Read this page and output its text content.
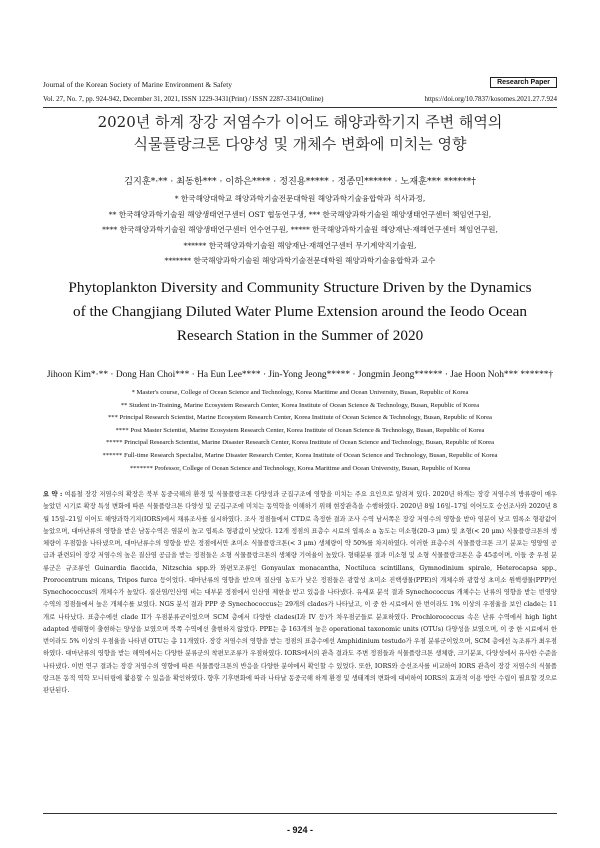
Journal of the Korean Society of Marine Environment & Safety	Research Paper
Vol. 27, No. 7, pp. 924-942, December 31, 2021, ISSN 1229-3431(Print) / ISSN 2287-3341(Online)	https://doi.org/10.7837/kosomes.2021.27.7.924
2020년 하계 장강 저염수가 이어도 해양과학기지 주변 해역의
식물플랑크톤 다양성 및 개체수 변화에 미치는 영향
김지훈*·** · 최동한*** · 이하은**** · 정진용***** · 정종민****** · 노재훈*** ******†
* 한국해양대학교 해양과학기술전문대학원 해양과학기술융합학과 석사과정,
** 한국해양과학기술원 해양생태연구센터 OST 협동연구생, *** 한국해양과학기술원 해양생태연구센터 책임연구원,
**** 한국해양과학기술원 해양생태연구센터 연수연구원, ***** 한국해양과학기술원 해양재난·재해연구센터 책임연구원,
****** 한국해양과학기술원 해양재난·재해연구센터 무기계약직기술원,
******* 한국해양과학기술원 해양과학기술전문대학원 해양과학기술융합학과 교수
Phytoplankton Diversity and Community Structure Driven by the Dynamics
of the Changjiang Diluted Water Plume Extension around the Ieodo Ocean
Research Station in the Summer of 2020
Jihoon Kim*·** · Dong Han Choi*** · Ha Eun Lee**** · Jin-Yong Jeong***** · Jongmin Jeong****** · Jae Hoon Noh*** ******†
* Master's course, College of Ocean Science and Technology, Korea Maritime and Ocean University, Busan, Republic of Korea
** Student in-Training, Marine Ecosystem Research Center, Korea Institute of Ocean Science & Technology, Busan, Republic of Korea
*** Principal Research Scientist, Marine Ecosystem Research Center, Korea Institute of Ocean Science & Technology, Busan, Republic of Korea
**** Post Master Scientist, Marine Ecosystem Research Center, Korea Institute of Ocean Science & Technology, Busan, Republic of Korea
***** Principal Research Scientist, Marine Disaster Research Center, Korea Institute of Ocean Science and Technology, Busan, Republic of Korea
****** Full-time Research Specialist, Marine Disaster Research Center, Korea Institute of Ocean Science and Technology, Busan, Republic of Korea
******* Professor, College of Ocean Science and Technology, Korea Maritime and Ocean University, Busan, Republic of Korea
요 약 : 여름철 장강 저염수의 확장은 북부 동중국해의 환경 및 식물플랑크톤 다양성과 군집구조에 영향을 미치는 주요 요인으로 알려져 있다. 2020년 하계는 장강 저염수의 방류량이 매우 높았던 시기로 확장 특성 변화에 따른 식물플랑크톤 다양성 및 군집구조에 미치는 동역학을 이해하기 위해 현장관측을 수행하였다. 2020년 8월 16일–17일 이어도호 승선조사와 2020년 8월 15일–21일 이어도 해양과학기지(IORS)에서 채류조사를 실시하였다. 조사 정점들에서 CTD로 측정한 결과 조사 수역 남서쪽은 장강 저염수의 영향을 받아 염분이 낮고 엽록소 형광값이 높았으며, 대마난류의 영향을 받은 남동수역은 염분이 높고 엽록소 형광값이 낮았다. 12개 정점의 표층수 시료의 엽록소 a 농도는 미소형(20–3 μm) 및 초형(< 20 μm) 식물플랑크톤의 생체량이 우점함을 나타냈으며, 대마난류수의 영향을 받은 정점에서만 초미소 식물플랑크톤(< 3 μm) 생체량이 약 50%를 차지하였다. 이러한 표층수의 식물플랑크톤 크기 분포는 영양염 공급과 관련되어 장강 저염수의 높은 질산염 공급을 받는 정점들은 소형 식물플랑크톤의 생체량 기여율이 높았다. 형태분류 결과 미소형 및 소형 식물플랑크톤은 총 45종이며, 이들 중 우점 분류군은 규조류인 Guinardia flaccida, Nitzschia spp.와 와편모조류인 Gonyaulax monacantha, Noctiluca scintillans, Gymnodinium spirale, Heterocapsa spp., Prorocentrum micans, Tripos furca 등이었다. 대마난류의 영향을 받으며 질산염 농도가 낮은 정점들은 광합성 초미소 진핵생물(PPE)의 개체수와 광합성 초미소 원핵생물(PPP)인 Synechococcus의 개체수가 높았다. 질산염/인산염 비는 대부분 정점에서 인산염 제한을 받고 있음을 나타냈다. 유세포 분석 결과 Synechococcus 개체수는 난류의 영향을 받는 빈영양 수역의 정점들에서 높은 개체수를 보였다. NGS 분석 결과 PPP 중 Synechococcus는 29개의 clades가 나타났고, 이 중 한 시료에서 한 번이라도 1% 이상의 우점율을 보인 clade는 11개로 나타났다. 표층수에선 clade II가 우점분류군이었으며 SCM 층에서 다양한 clades(I과 IV 등)가 차우점군들로 분포하였다. Prochlorococcus 속은 난류 수역에서 high light adapted 생태형이 출현하는 양상을 보였으며 북쪽 수역에선 출현하지 않았다. PPE는 총 163개의 높은 operational taxonomic units (OTUs) 다양성을 보였으며, 이 중 한 시료에서 한 번이라도 5% 이상의 우점율을 나타낸 OTU는 총 11개였다. 장강 저염수의 영향을 받는 정점의 표층수에선 Amphidinium testudo가 우점 분류군이었으며, SCM 층에선 녹조류가 최우점하였다. 대마난류의 영향을 받는 해역에서는 다양한 분류군의 착편모조류가 우점하였다. IORS에서의 관측 결과도 주변 정점들과 식물플랑크톤 생체량, 크기분포, 다양성에서 유사한 수준을 나타냈다. 이번 연구 결과는 장강 저염수의 영향에 따른 식물플랑크톤의 반응을 다양한 분야에서 확인할 수 있었다. 또한, IORS와 승선조사를 비교하여 IORS 관측이 장강 저염수의 식물플랑크톤 동적 역학 모니터링에 활용할 수 있음을 확인하였다. 향후 기후변화에 따라 나타날 동중국해 하계 환경 및 생태계의 변화에 대비하여 IORS의 효과적 이용 방안 수립이 필요할 것으로 판단된다.
- 924 -
